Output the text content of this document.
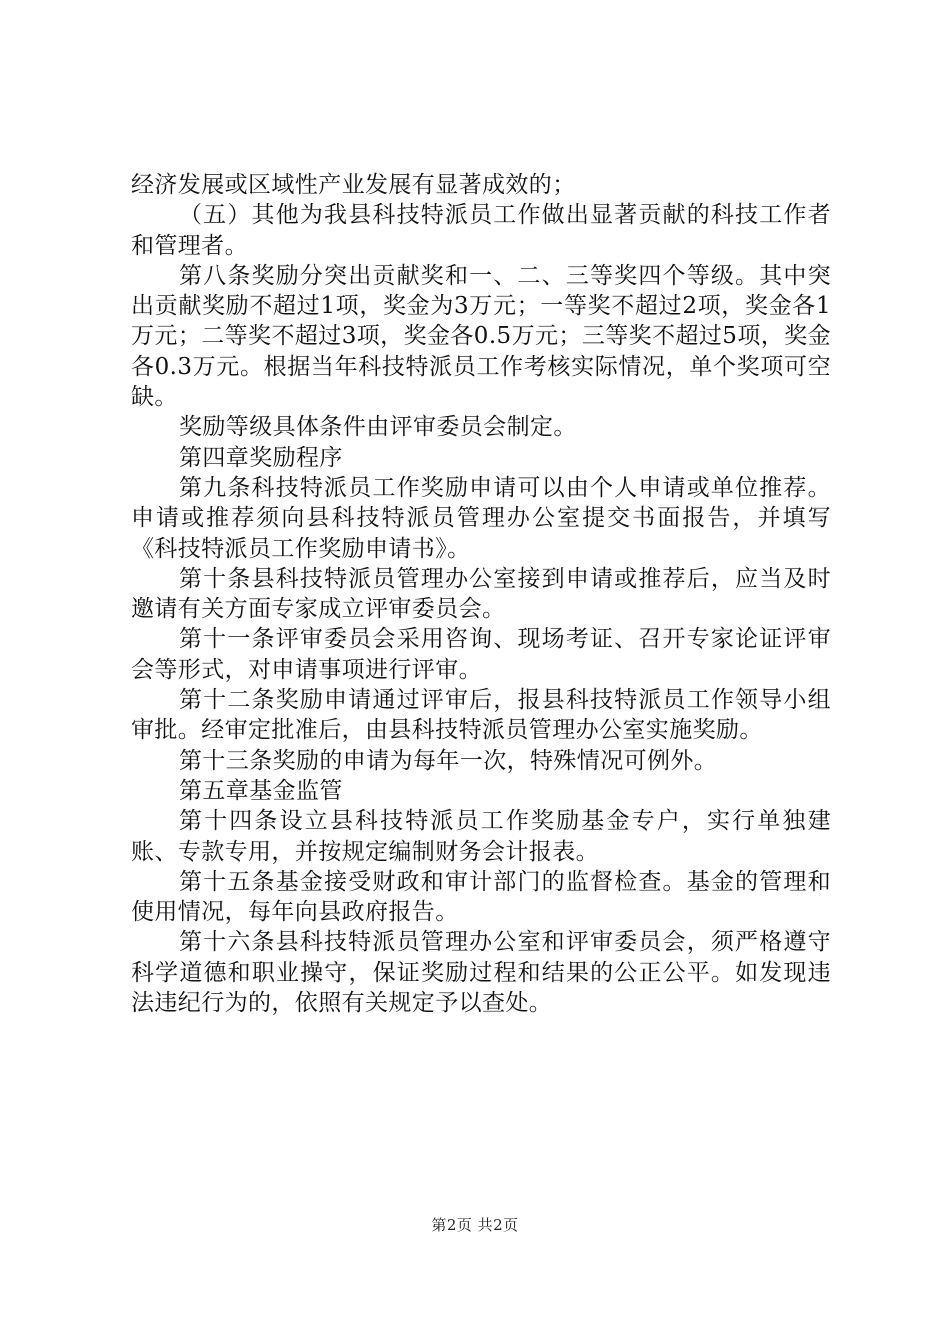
经济发展或区域性产业发展有显著成效的；

（五）其他为我县科技特派员工作做出显著贡献的科技工作者和管理者。

第八条奖励分突出贡献奖和一、二、三等奖四个等级。其中突出贡献奖励不超过1项，奖金为3万元；一等奖不超过2项，奖金各1万元；二等奖不超过3项，奖金各0.5万元；三等奖不超过5项，奖金各0.3万元。根据当年科技特派员工作考核实际情况，单个奖项可空缺。

奖励等级具体条件由评审委员会制定。

第四章奖励程序

第九条科技特派员工作奖励申请可以由个人申请或单位推荐。申请或推荐须向县科技特派员管理办公室提交书面报告，并填写《科技特派员工作奖励申请书》。

第十条县科技特派员管理办公室接到申请或推荐后，应当及时邀请有关方面专家成立评审委员会。

第十一条评审委员会采用咨询、现场考证、召开专家论证评审会等形式，对申请事项进行评审。

第十二条奖励申请通过评审后，报县科技特派员工作领导小组审批。经审定批准后，由县科技特派员管理办公室实施奖励。

第十三条奖励的申请为每年一次，特殊情况可例外。

第五章基金监管

第十四条设立县科技特派员工作奖励基金专户，实行单独建账、专款专用，并按规定编制财务会计报表。

第十五条基金接受财政和审计部门的监督检查。基金的管理和使用情况，每年向县政府报告。

第十六条县科技特派员管理办公室和评审委员会，须严格遵守科学道德和职业操守，保证奖励过程和结果的公正公平。如发现违法违纪行为的，依照有关规定予以查处。

第2页 共2页
